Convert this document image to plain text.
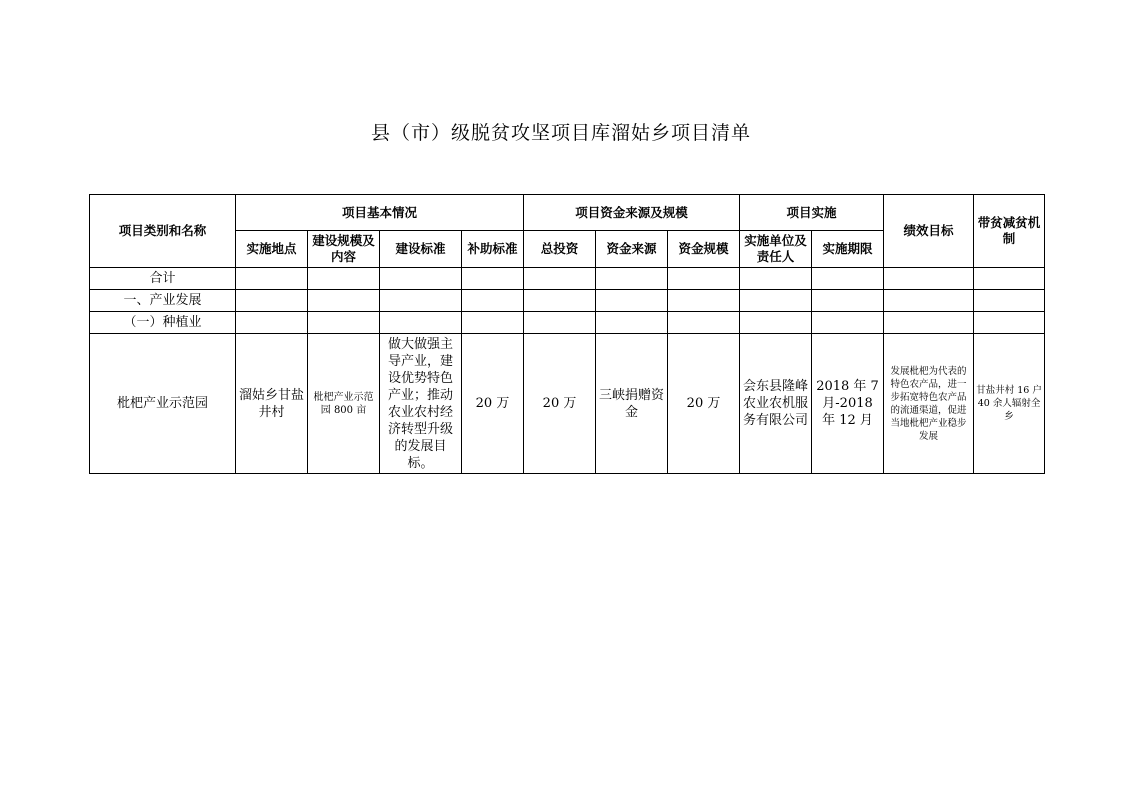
县（市）级脱贫攻坚项目库溜姑乡项目清单
项目类别和名称	项目基本情况				项目资金来源及规模			项目实施		绩效目标	带贫减贫机制
	实施地点	建设规模及内容	建设标准	补助标准	总投资	资金来源	资金规模	实施单位及责任人	实施期限		
合计											
一、产业发展											
（一）种植业											
枇杷产业示范园	溜姑乡甘盐井村	枇杷产业示范园 800 亩	做大做强主导产业，建设优势特色产业；推动农业农村经济转型升级的发展目标。	20 万	20 万	三峡捐赠资金	20 万	会东县隆峰农业农机服务有限公司	2018 年 7 月-2018 年 12 月	发展枇杷为代表的特色农产品，进一步拓宽特色农产品的流通渠道，促进当地枇杷产业稳步发展	甘盐井村 16 户 40 余人辐射全乡
